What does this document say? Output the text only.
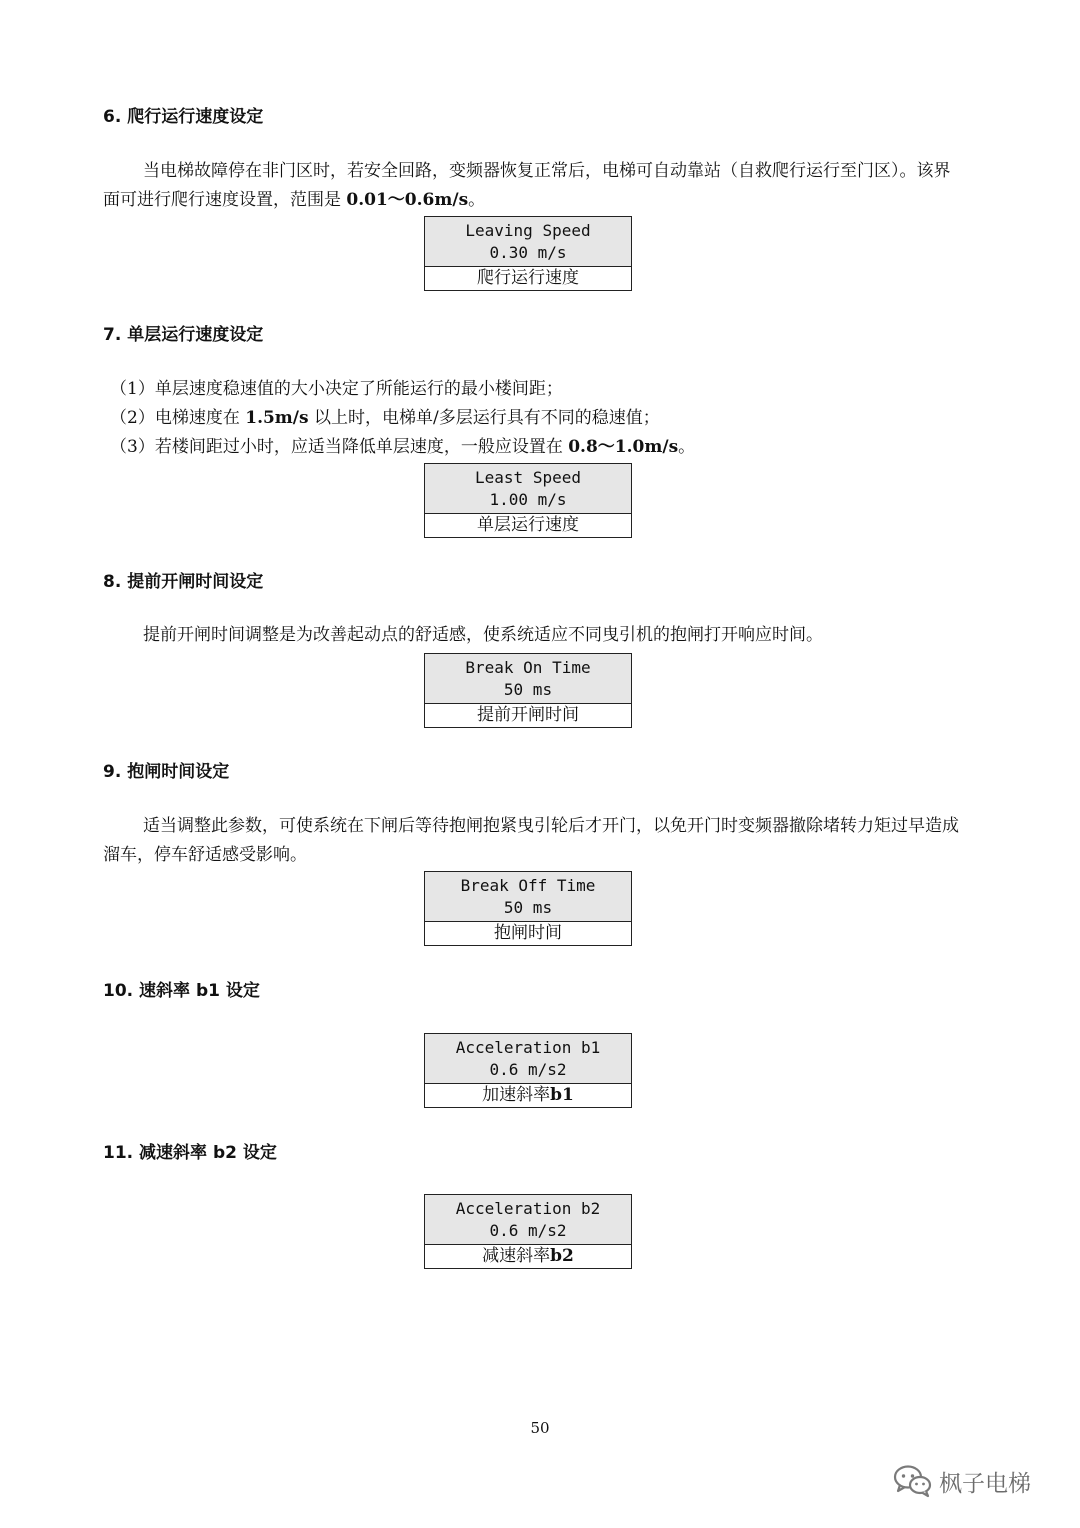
6. 爬行运行速度设定

当电梯故障停在非门区时，若安全回路，变频器恢复正常后，电梯可自动靠站（自救爬行运行至门区）。该界面可进行爬行速度设置，范围是 0.01～0.6m/s。

Leaving Speed
0.30 m/s
爬行运行速度
7. 单层运行速度设定
（1）单层速度稳速值的大小决定了所能运行的最小楼间距；
（2）电梯速度在 1.5m/s 以上时，电梯单/多层运行具有不同的稳速值；
（3）若楼间距过小时，应适当降低单层速度，一般应设置在 0.8～1.0m/s。
Least Speed
1.00 m/s
单层运行速度
8. 提前开闸时间设定

提前开闸时间调整是为改善起动点的舒适感，使系统适应不同曳引机的抱闸打开响应时间。

Break On Time
50 ms
提前开闸时间
9. 抱闸时间设定

适当调整此参数，可使系统在下闸后等待抱闸抱紧曳引轮后才开门，以免开门时变频器撤除堵转力矩过早造成溜车，停车舒适感受影响。

Break Off Time
50 ms
抱闸时间
10. 速斜率 b1 设定
Acceleration b1
0.6 m/s2
加速斜率b1
11. 减速斜率 b2 设定
Acceleration b2
0.6 m/s2
减速斜率b2
50
枫子电梯
